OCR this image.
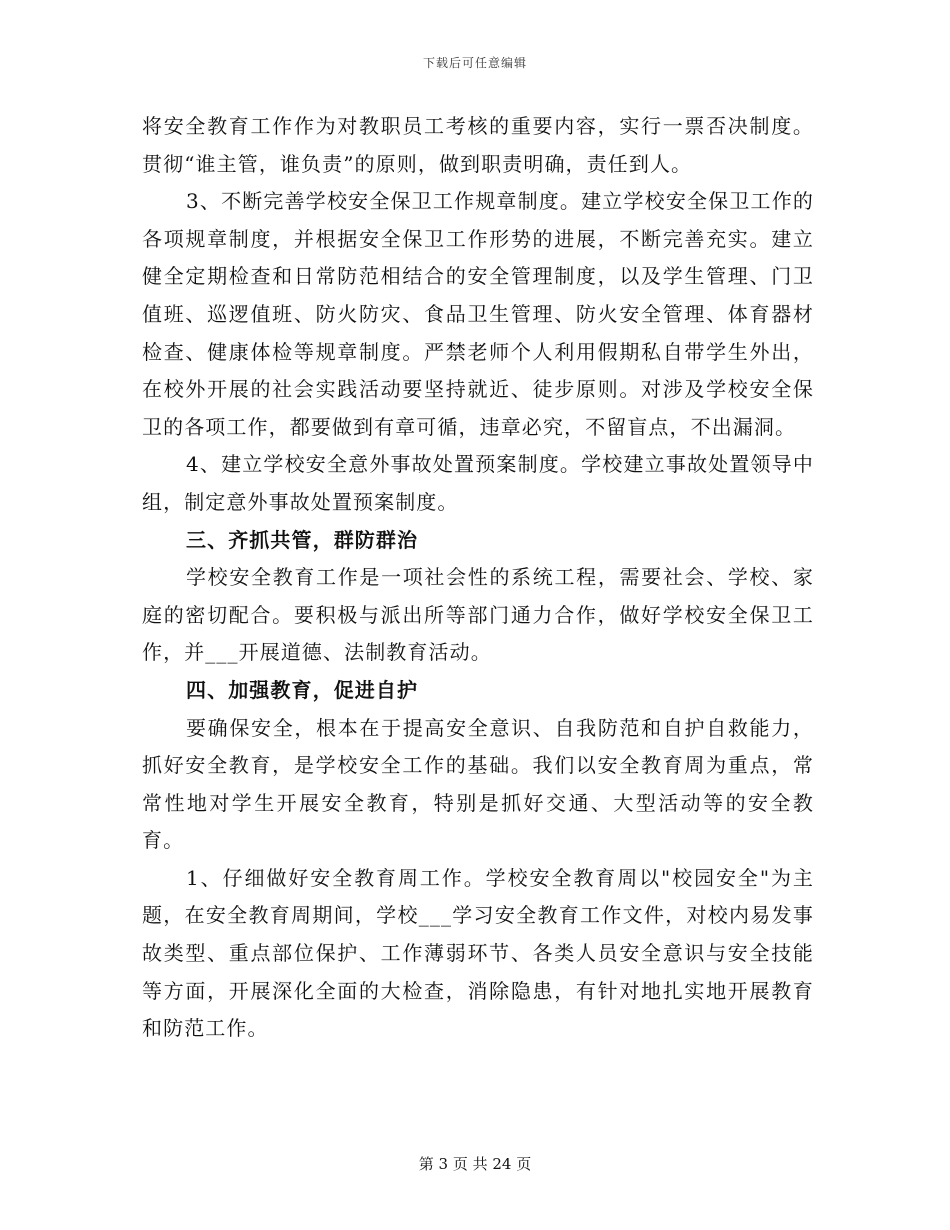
下载后可任意编辑

将安全教育工作作为对教职员工考核的重要内容，实行一票否决制度。贯彻“谁主管，谁负责”的原则，做到职责明确，责任到人。

3、不断完善学校安全保卫工作规章制度。建立学校安全保卫工作的各项规章制度，并根据安全保卫工作形势的进展，不断完善充实。建立健全定期检查和日常防范相结合的安全管理制度，以及学生管理、门卫值班、巡逻值班、防火防灾、食品卫生管理、防火安全管理、体育器材检查、健康体检等规章制度。严禁老师个人利用假期私自带学生外出，在校外开展的社会实践活动要坚持就近、徒步原则。对涉及学校安全保卫的各项工作，都要做到有章可循，违章必究，不留盲点，不出漏洞。

4、建立学校安全意外事故处置预案制度。学校建立事故处置领导中组，制定意外事故处置预案制度。

三、齐抓共管，群防群治

学校安全教育工作是一项社会性的系统工程，需要社会、学校、家庭的密切配合。要积极与派出所等部门通力合作，做好学校安全保卫工作，并___开展道德、法制教育活动。

四、加强教育，促进自护

要确保安全，根本在于提高安全意识、自我防范和自护自救能力，抓好安全教育，是学校安全工作的基础。我们以安全教育周为重点，常常性地对学生开展安全教育，特别是抓好交通、大型活动等的安全教育。

1、仔细做好安全教育周工作。学校安全教育周以"校园安全"为主题，在安全教育周期间，学校___学习安全教育工作文件，对校内易发事故类型、重点部位保护、工作薄弱环节、各类人员安全意识与安全技能等方面，开展深化全面的大检查，消除隐患，有针对地扎实地开展教育和防范工作。

第 3 页 共 24 页
